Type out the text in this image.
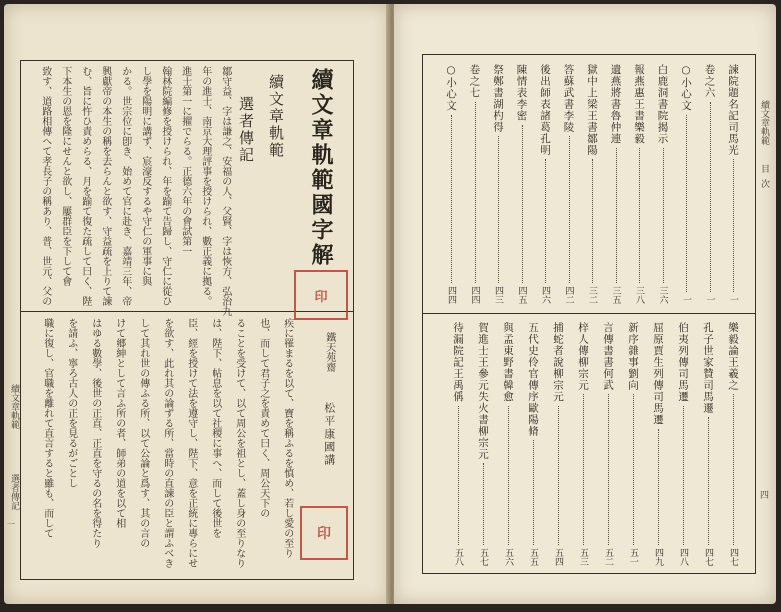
續文章軌範
選者傳記
一
續文章軌範國字解
續文章軌範
選者傳記
印
鄒守益、字は謙之、安福の人、父賢、字は恢方、弘治九
年の進士、南京大理評事を授けられ、數正義に拠る。
進士第一に擢でらる。正德六年の會試第一
翰林院編修を授けられ、年を踰て告歸し、守仁に從ひ
し學を陽明に講ず、宸濠反するや守仁の軍事に與
かる。世宗位に卽き、始めて官に赴き、嘉靖三年、帝
興獻帝の本生の稱を去らんと欲す、守益疏を上りて諫
む、旨に忤ひ責めらる、月を踰て復た疏して曰く、陛
下本生の恩を隆にせんと欲し、屢群臣を下して會
致す、道路相傳へて孝長子の稱あり、普、世元、父の
鐵天苑齋
松平康國講
印
疾に罹まるを以て、寶を稱ふるを慎め、若し愛の至り
也、而して君子之を責めて曰く、周公天下の
ることを受けて、以て周公を祖とし、蓋し身の至りなり
は、陛下、帖息を以て社稷に事へ、而して後世を
臣、經を授けて法を遵守し、陛下、意を正統に專らにせ
を欲す、此れ其の論ずる所、當時の直諫の臣と謂ふべき
して其れ世の傳ふる所、以て公論と爲す、其の言の
けて郷紳として言ふ所の者、師弟の道を以て相
はゆる數學、後世の正直、正直を守るの名を得たり
を請ふ、寧ろ古人の正を見るがごとし
職に復し、官職を離れて直言すると雖も、而して
續文章軌範
目次
四
諫院題名記司馬光
一
卷之六
一
○小心文
一
白鹿洞書院揭示
三六
報燕惠王書樂毅
三八
遺燕將書魯仲連
三五
獄中上梁王書鄒陽
三二
答蘇武書李陵
四二
後出師表諸葛孔明
四六
陳情表李密
四五
祭鄭書湖杓得
四三
卷之七
四四
○小心文
四四
樂毅論王羲之
四七
孔子世家贊司馬遷
四七
伯夷列傳司馬遷
四八
屈原賈生列傳司馬遷
四九
新序雜事劉向
五一
言傳書書何武
五二
梓人傳柳宗元
五三
捕蛇者說柳宗元
五四
五代史伶官傳序歐陽脩
五五
與孟東野書韓愈
五六
賀進士王參元失火書柳宗元
五七
待漏院記王禹偁
五八
